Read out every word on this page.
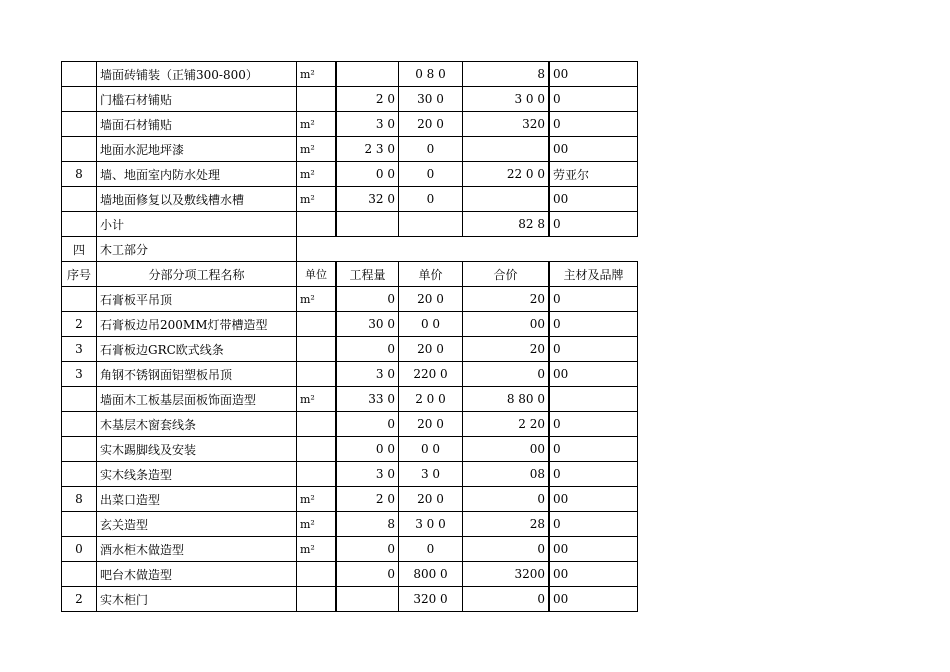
	墙面砖铺装（正铺300-800）	m²		0 8 0	8	00
	门槛石材铺贴		2 0	30 0	3 0 0	0
	墙面石材铺贴	m²	3 0	20 0	320	0
	地面水泥地坪漆	m²	2 3 0	0		00
8	墙、地面室内防水处理	m²	0 0	0	22 0 0	劳亚尔
	墙地面修复以及敷线槽水槽	m²	32 0	0		00
	小计				82 8	0
四	木工部分					
序号	分部分项工程名称	单位	工程量	单价	合价	主材及品牌
	石膏板平吊顶	m²	0	20 0	20	0
2	石膏板边吊200MM灯带槽造型		30 0	0 0	00	0
3	石膏板边GRC欧式线条		0	20 0	20	0
3	角钢不锈钢面铝塑板吊顶		3 0	220 0	0	00
	墙面木工板基层面板饰面造型	m²	33 0	2 0 0	8 80 0	
	木基层木窗套线条		0	20 0	2 20	0
	实木踢脚线及安装		0 0	0 0	00	0
	实木线条造型		3 0	3 0	08	0
8	出菜口造型	m²	2 0	20 0	0	00
	玄关造型	m²	8	3 0 0	28	0
0	酒水柜木做造型	m²	0	0	0	00
	吧台木做造型		0	800 0	3200	00
2	实木柜门			320 0	0	00
